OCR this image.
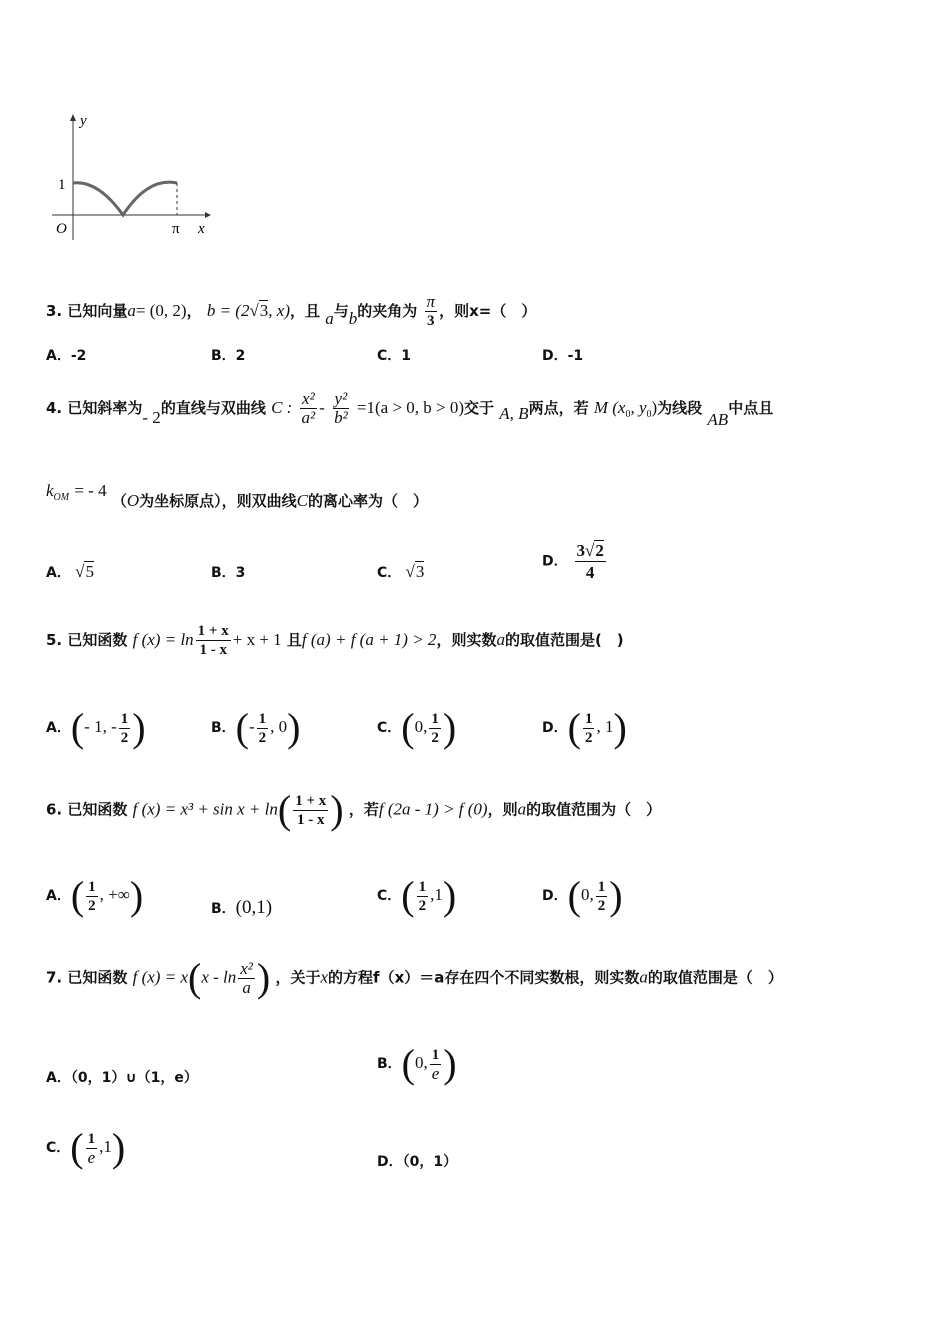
y
1
O	π x
3. 已知向量a= (0, 2)， b = (2√3, x)，且 a与b的夹角为 $\frac{\pi}{3}$ ，则x=（　）
A．-2	B．2	C．1	D．-1
4. 已知斜率为- 2的直线与双曲线 C : $\frac{\text{x²}}{\text{a²}} - \frac{\text{y²}}{\text{b²}} =1(a > 0$, b > 0)交于 A, B两点，若 M ($x_0$, $y_0$)为线段 AB中点且
$k_{OM}$ = - 4 （O为坐标原点），则双曲线C的离心率为（　）
A． √5	B．3	C． √3
D． $\frac{3√2}{4}$
5. 已知函数 f $(x) = \ln \frac{1 + x}{1 - x} + x + 1$ 且f (a) + f (a + 1) > 2，则实数a的取值范围是(　)
A．(- 1, - $\frac{1}{2}$ )	B．(- $\frac{1}{2}$ , 0)	C．(0, $\frac{1}{2}$ )	D．( $\frac{1}{2}$ , 1)
6. 已知函数 f $(x) = x^3 + \sin x + \ln( \frac{1 + x}{1 - x}$ ) ，若f (2a - 1) > f (0)，则a的取值范围为（　）
A．( $\frac{1}{2}$ , +∞)	B．(0,1)
C．( $\frac{1}{2} ,1$)	D．(0, $\frac{1}{2}$ )
7. 已知函数 f $(x) = x(x - \ln \frac{\text{x²}}{a}$ ) ，关于x的方程f（x）＝a存在四个不同实数根，则实数a的取值范围是（　）
A．（0，1）∪（1，e）
B．(0, $\frac{1}{e}$ )
C．( $\frac{1}{e} ,1$)	D．（0，1）
